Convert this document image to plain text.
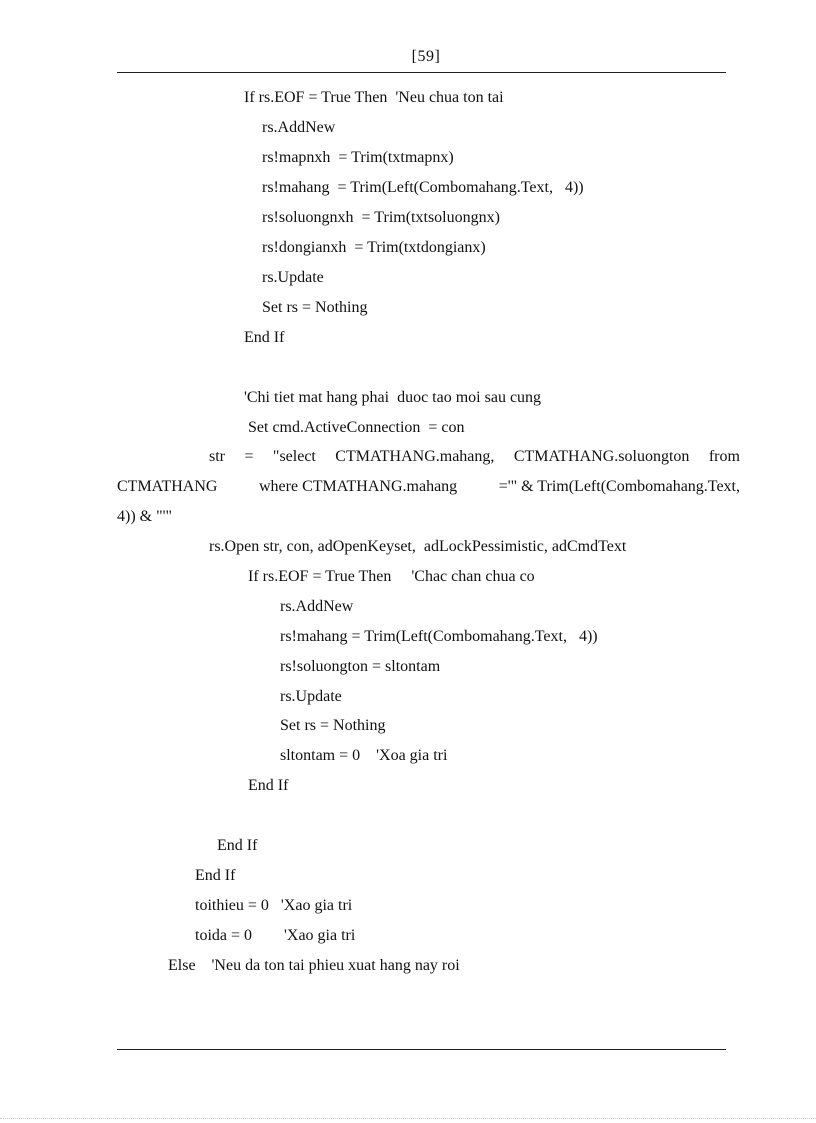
[59]
If rs.EOF = True Then  'Neu chua ton tai
rs.AddNew
rs!mapnxh  = Trim(txtmapnx)
rs!mahang  = Trim(Left(Combomahang.Text,   4))
rs!soluongnxh  = Trim(txtsoluongnx)
rs!dongianxh  = Trim(txtdongianx)
rs.Update
Set rs = Nothing
End If
'Chi tiet mat hang phai  duoc tao moi sau cung
Set cmd.ActiveConnection  = con
str = "select CTMATHANG.mahang, CTMATHANG.soluongton from
CTMATHANG	where CTMATHANG.mahang	='" & Trim(Left(Combomahang.Text,
4)) & "'"
rs.Open str, con, adOpenKeyset,  adLockPessimistic, adCmdText
If rs.EOF = True Then     'Chac chan chua co
rs.AddNew
rs!mahang = Trim(Left(Combomahang.Text,   4))
rs!soluongton = sltontam
rs.Update
Set rs = Nothing
sltontam = 0    'Xoa gia tri
End If
End If
End If
toithieu = 0   'Xao gia tri
toida = 0        'Xao gia tri
Else    'Neu da ton tai phieu xuat hang nay roi
